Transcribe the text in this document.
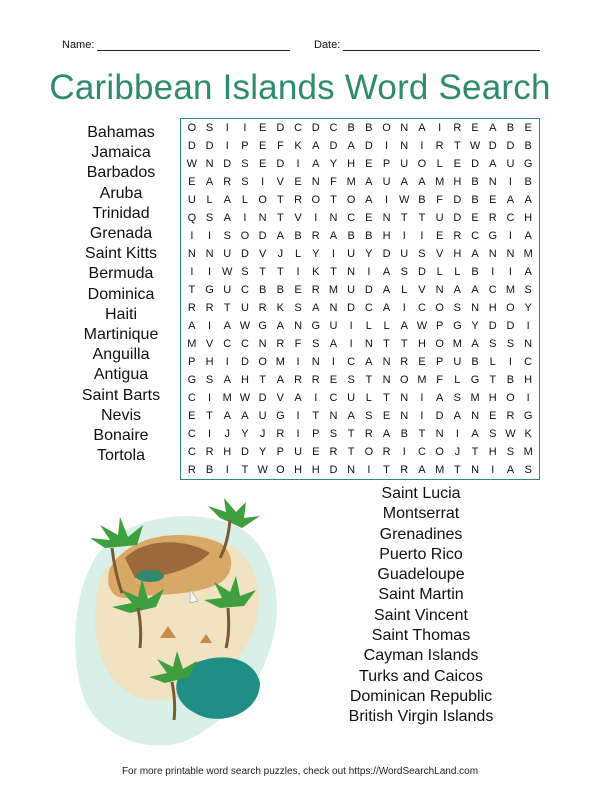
Name:	Date:
Caribbean Islands Word Search
Bahamas
Jamaica
Barbados
Aruba
Trinidad
Grenada
Saint Kitts
Bermuda
Dominica
Haiti
Martinique
Anguilla
Antigua
Saint Barts
Nevis
Bonaire
Tortola
O S	I	I	E D C D C B B O N A	I	R E A B E
D D	I	P E F K A D A D	I	N	I	R T W D D B
W N D S E D	I	A Y H E P U O L E D A U G
E A R S	I	V E N F M A U A A M H B N	I	B
U L A L O T R O T O A	I W B F D B E A A
Q S A	I	N T V	I	N C E N T T U D E R C H
I	I	S O D A B R A B B H	I	I	E R C G	I	A
N N U D V	J	L Y	I	U Y D U S V H A N N M
I	I W S T T	I	K T N	I	A S D L	L B	I	I	A
T G U C B B E R M U D A L V N A A C M S
R R T U R K S A N D C A	I	C O S N H O Y
A	I	A W G A N G U	I	L	L A W P G Y D D	I
M V C C N R F S A	I	N T T H O M A S S N
P H	I	D O M	I	N	I	C A N R E P U B L	I	C
G S A H T A R R E S T N O M F	L G T B H
C	I	M W D V A	I	C U L	T N	I	A S M H O	I
E T A A U G	I	T N A S E N	I	D A N E R G
C	I	J	Y	J R	I	P S T R A B T N	I	A S W K
C R H D Y P U E R T O R	I	C O J	T H S M
R B	I	T W O H H D N	I	T R A M T N	I	A S
Saint Lucia
Montserrat
Grenadines
Puerto Rico
Guadeloupe
Saint Martin
Saint Vincent
Saint Thomas
Cayman Islands
Turks and Caicos
Dominican Republic
British Virgin Islands
For more printable word search puzzles, check out https://WordSearchLand.com
